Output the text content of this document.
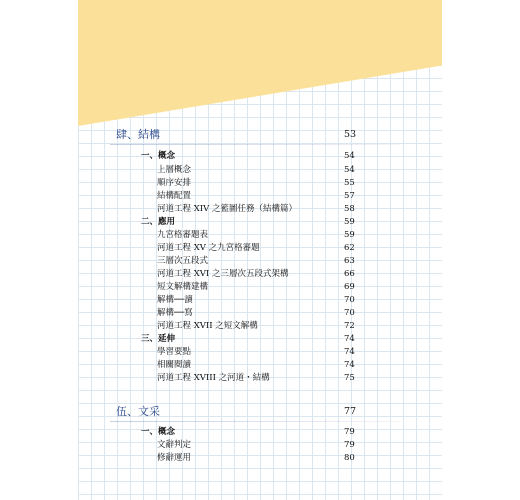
肆、結構	53
一、概念	54
上層概念	54
順序安排	55
結構配置	57
河道工程 XIV 之籃圖任務（結構篇）	58
二、應用	59
九宮格審題表	59
河道工程 XV 之九宮格審題	62
三層次五段式	63
河道工程 XVI 之三層次五段式架構	66
短文解構建構	69
解構──讀	70
解構──寫	70
河道工程 XVII 之短文解構	72
三、延伸	74
學習要點	74
相關閱讀	74
河道工程 XVIII 之河道・結構	75
伍、文采	77
一、概念	79
文辭判定	79
修辭運用	80
